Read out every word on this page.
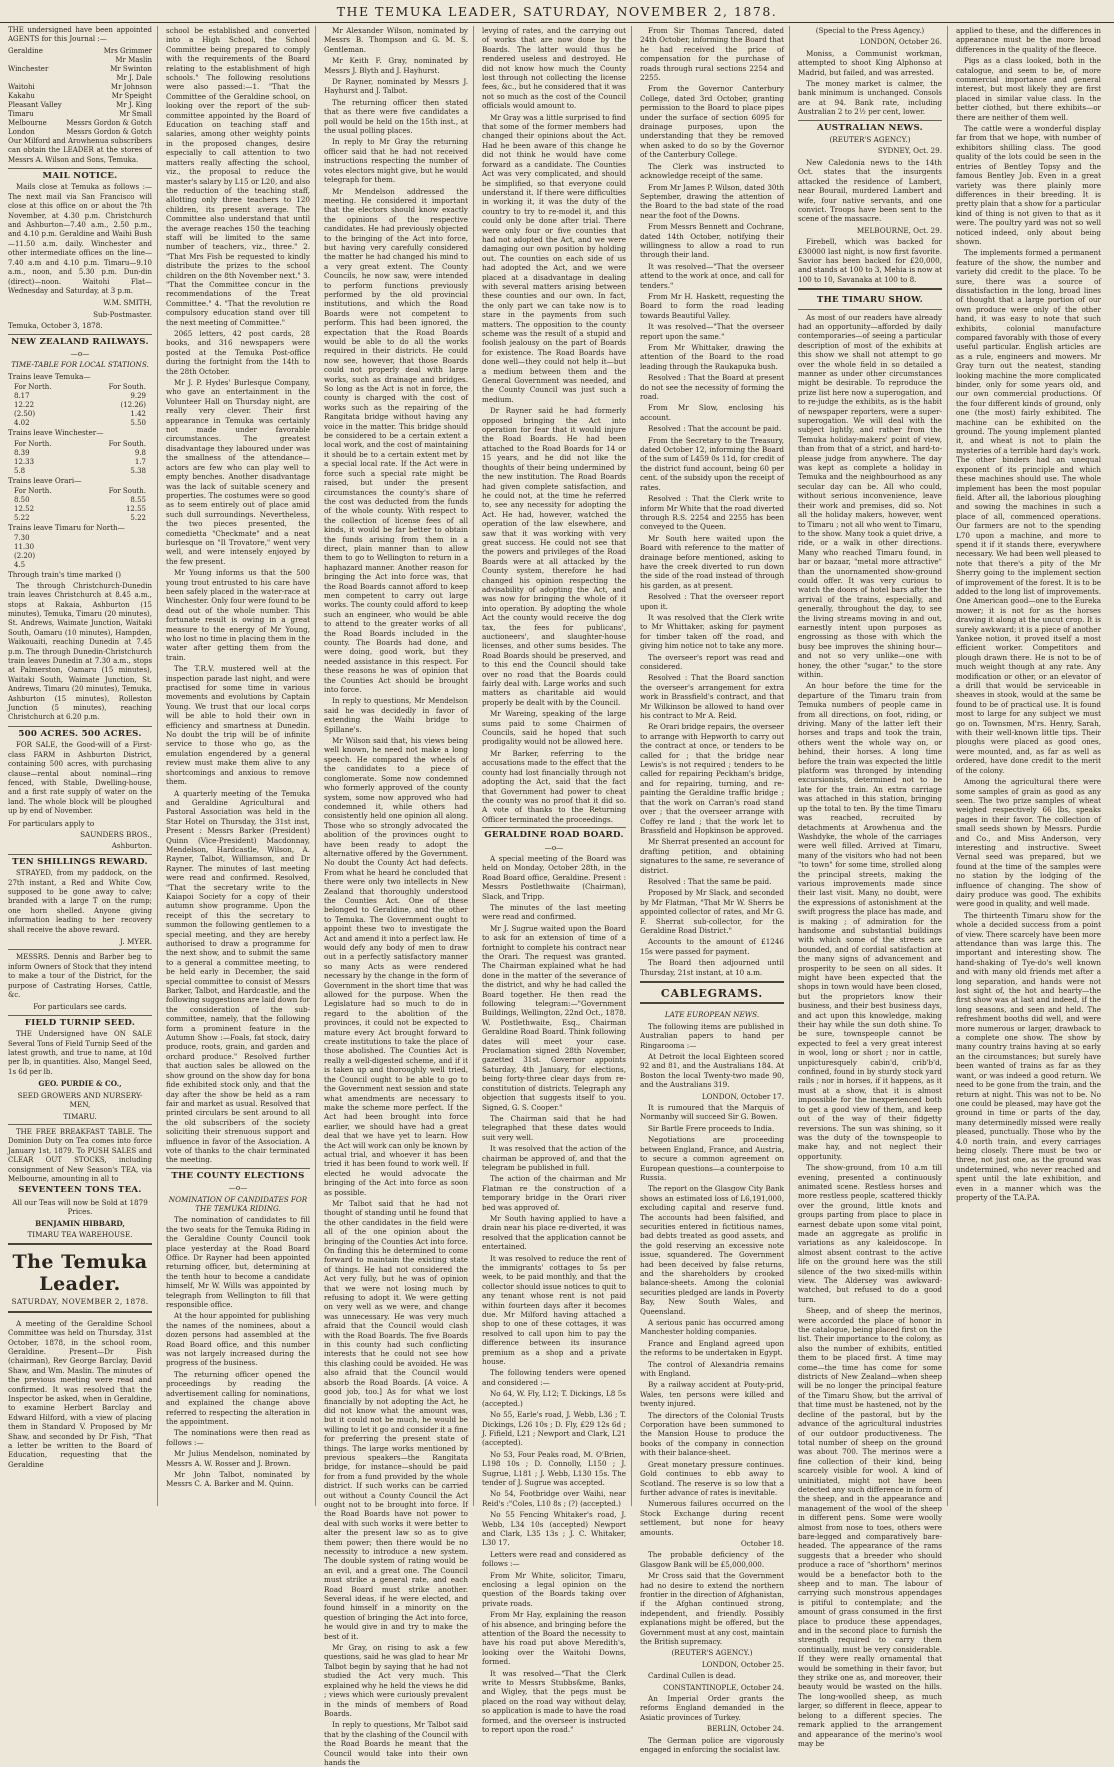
THE TEMUKA LEADER, SATURDAY, NOVEMBER 2, 1878.

THE undersigned have been appointed AGENTS for this Journal :—

Geraldine	Mrs Grimmer
Mr Maslin
Winchester	Mr Swinton
Mr J. Dale
Waitohi	Mr Johnson
Kakahu	Mr Speight
Pleasant Valley	Mr J. King
Timaru	Mr Small
Melbourne	Messrs Gordon & Gotch
London	Messrs Gordon & Gotch

Our Milford and Arowhenua subscribers can obtain the LEADER at the stores of Messrs A. Wilson and Sons, Temuka.

MAIL NOTICE.

Mails close at Temuka as follows :— The next mail via San Francisco will close at this office on or about the 7th November, at 4.30 p.m. Christchurch and Ashburton—7.40 a.m., 2.50 p.m., and 4.10 p.m. Geraldine and Waihi Bush—11.50 a.m. daily. Winchester and other intermediate offices on the line—7.40 a.m and 4.10 p.m. Timaru—9.10 a.m., noon, and 5.30 p.m. Dun-din (direct)—noon. Waitohi Flat—Wednesday and Saturday, at 3 p.m.

W.M. SMITH,

Sub-Postmaster.

Temuka, October 3, 1878.

NEW ZEALAND RAILWAYS.

—o—

TIME-TABLE FOR LOCAL STATIONS.

Trains leave Temuka—

For North.	For South.
8.17	9.29
12.22	(12.26)
(2.50)	1.42
4.02	5.50

Trains leave Winchester—

For North.	For South.
8.39	9.8
12.33	1.7
5.8	5.38

Trains leave Orari—

For North.	For South.
8.50	8.55
12.52	12.55
5.22	5.22

Trains leave Timaru for North—

7.30
11.30
(2.20)
4.5

Through train's time marked ()

The through Christchurch-Dunedin train leaves Christchurch at 8.45 a.m., stops at Rakaia, Ashburton (15 minutes), Temuka, Timaru (20 minutes), St. Andrews, Waimate Junction, Waitaki South, Oamaru (10 minutes), Hampden, Waikouaiti, reaching Dunedin at 7.45 p.m. The through Dunedin-Christchurch train leaves Dunedin at 7.30 a.m., stops at Palmerston, Oamaru (15 minutes), Waitaki South, Waimate Junction, St. Andrews, Timaru (20 minutes), Temuka, Ashburton (15 minutes), Rolleston Junction (5 minutes), reaching Christchurch at 6.20 p.m.

500 ACRES. 500 ACRES.

FOR SALE, the Good-will of a First-class FARM in Ashburton District, containing 500 acres, with purchasing clause—rental about nominal—ring fenced, with Stable, Dwelling-house, and a first rate supply of water on the land. The whole block will be ploughed up by end of November.

For particulars apply to

SAUNDERS BROS.,

Ashburton.

TEN SHILLINGS REWARD.

STRAYED, from my paddock, on the 27th instant, a Red and White Cow, supposed to be gone away to calve; branded with a large T on the rump; one horn shelled. Anyone giving information leading to her recovery shall receive the above reward.

J. MYER.

MESSRS. Dennis and Barber beg to inform Owners of Stock that they intend to make a tour of the District, for the purpose of Castrating Horses, Cattle, &c.

For particulars see cards.

FIELD TURNIP SEED.

THE Undersigned have ON SALE Several Tons of Field Turnip Seed of the latest growth, and true to name, at 10d per lb, in quantities. Also, Mangel Seed, 1s 6d per lb.

GEO. PURDIE & CO.,

SEED GROWERS AND NURSERY-MEN,

TIMARU.

THE FREE BREAKFAST TABLE. The Dominion Duty on Tea comes into force January 1st, 1879. To PUSH SALES and CLEAR OUT STOCKS, including consignment of New Season's TEA, via Melbourne, amounting in all to

SEVENTEEN TONS TEA.

All our Teas will now be Sold at 1879 Prices.

BENJAMIN HIBBARD,

TIMARU TEA WAREHOUSE.

The Temuka Leader.

SATURDAY, NOVEMBER 2, 1878.

A meeting of the Geraldine School Committee was held on Thursday, 31st October, 1878, in the school room, Geraldine. Present—Dr Fish (chairman), Rev George Barclay, David Shaw, and Wm. Maslin. The minutes of the previous meeting were read and confirmed. It was resolved that the Inspector be asked, when in Geraldine, to examine Herbert Barclay and Edward Hilford, with a view of placing them in Standard V. Proposed by Mr Shaw, and seconded by Dr Fish, "That a letter be written to the Board of Education, requesting that the Geraldine

school be established and converted into a High School, the School Committee being prepared to comply with the requirements of the Board relating to the establishment of high schools." The following resolutions were also passed:—1. "That the Committee of the Geraldine school, on looking over the report of the sub-committee appointed by the Board of Education on teaching staff and salaries, among other weighty points in the proposed changes, desire especially to call attention to two matters really affecting the school, viz., the proposal to reduce the master's salary by L15 or L20, and also the reduction of the teaching staff, allotting only three teachers to 120 children, its present average. The Committee also understand that until the average reaches 150 the teaching staff will be limited to the same number of teachers, viz., three." 2. "That Mrs Fish be requested to kindly distribute the prizes to the school children on the 8th November next." 3. "That the Committee concur in the recommendations of the Treat Committee." 4. "That the revolution re compulsory education stand over till the next meeting of Committee."

2065 letters, 42 post cards, 28 books, and 316 newspapers were posted at the Temuka Post-office during the fortnight from the 14th to the 28th October.

Mr J. P. Hydes' Burlesque Company, who gave an entertainment in the Volunteer Hall on Thursday night, are really very clever. Their first appearance in Temuka was certainly not made under favorable circumstances. The greatest disadvantage they laboured under was the smallness of the attendance—actors are few who can play well to empty benches. Another disadvantage was the lack of suitable scenery and properties. The costumes were so good as to seem entirely out of place amid such dull surroundings. Nevertheless, the two pieces presented, the comedietta "Checkmate" and a neat burlesque on "Il Trovatore," went very well, and were intensely enjoyed by the few present.

Mr Young informs us that the 500 young trout entrusted to his care have been safely placed in the water-race at Winchester. Only four were found to be dead out of the whole number. This fortunate result is owing in a great measure to the energy of Mr Young, who lost no time in placing them in the water after getting them from the train.

The T.R.V. mustered well at the inspection parade last night, and were practised for some time in various movements and evolutions by Captain Young. We trust that our local corps will be able to hold their own in efficiency and smartness at Dunedin. No doubt the trip will be of infinite service to those who go, as the emulation engendered by a general review must make them alive to any shortcomings and anxious to remove them.

A quarterly meeting of the Temuka and Geraldine Agricultural and Pastoral Association was held in the Star Hotel on Thursday, the 31st inst, Present : Messrs Barker (President) Quinn (Vice-President) Macdonnay, Mendelson, Hardcastle, Wilson, A. Rayner, Talbot, Williamson, and Dr Rayner. The minutes of last meeting were read and confirmed. Resolved, "That the secretary write to the Kaiapoi Society for a copy of their autumn show programme. Upon the receipt of this the secretary to summon the following gentlemen to a special meeting, and they are hereby authorised to draw a programme for the next show, and to submit the same to a general a committee meeting, to be held early in December, the said special committee to consist of Messrs Barker, Talbot, and Hardcastle, and the following suggestions are laid down for the consideration of the sub-committee, namely, that the following form a prominent feature in the Autumn Show :—Foals, fat stock, dairy produce, roots, grain, and garden and orchard produce." Resolved further that auction sales be allowed on the show ground on the show day for bona fide exhibited stock only, and that the day after the show be held as a ram fair and market as usual. Resolved that printed circulars be sent around to all the old subscribers of the society soliciting their strenuous support and influence in favor of the Association. A vote of thanks to the chair terminated the meeting.

THE COUNTY ELECTIONS

—o—

NOMINATION OF CANDIDATES FOR THE TEMUKA RIDING.

The nomination of candidates to fill the two seats for the Temuka Riding in the Geraldine County Council took place yesterday at the Road Board Office. Dr Rayner had been appointed returning officer, but, determining at the tenth hour to become a candidate himself, Mr W. Wills was appointed by telegraph from Wellington to fill that responsible office.

At the hour appointed for publishing the names of the nominees, about a dozen persons had assembled at the Road Board office, and this number was not largely increased during the progress of the business.

The returning officer opened the proceedings by reading the advertisement calling for nominations, and explained the change above referred to respecting the alteration in the appointment.

The nominations were then read as follows :—

Mr Julius Mendelson, nominated by Messrs A. W. Rosser and J. Brown.

Mr John Talbot, nominated by Messrs C. A. Barker and M. Quinn.

Mr Alexander Wilson, nominated by Messrs B. Thompson and G. M. S. Gentleman.

Mr Keith F. Gray, nominated by Messrs J. Blyth and J. Hayhurst.

Dr Rayner, nominated by Messrs J. Hayhurst and J. Talbot.

The returning officer then stated that as there were five candidates a poll would be held on the 15th inst., at the usual polling places.

In reply to Mr Gray the returning officer said that he had not received instructions respecting the number of votes electors might give, but he would telegraph for them.

Mr Mendelson addressed the meeting. He considered it important that the electors should know exactly the opinions of the respective candidates. He had previously objected to the bringing of the Act into force, but having very carefully considered the matter he had changed his mind to a very great extent. The County Councils, he now saw, were intended to perform functions previously performed by the old provincial institutions, and which the Road Boards were not competent to perform. This had been ignored, the expectation that the Road Boards would be able to do all the works required in their districts. He could now see, however, that those Boards could not properly deal with large works, such as drainage and bridges. So long as the Act is not in force, the county is charged with the cost of works such as the repairing of the Rangitata bridge without having any voice in the matter. This bridge should be considered to be a certain extent a local work, and the cost of maintaining it should be to a certain extent met by a special local rate. If the Act were in force such a special rate might be raised, but under the present circumstances the county's share of the cost was deducted from the funds of the whole county. With respect to the collection of license fees of all kinds, it would be far better to obtain the funds arising from them in a direct, plain manner than to allow them to go to Wellington to return in a haphazard manner. Another reason for bringing the Act into force was, that the Road Boards cannot afford to keep men competent to carry out large works. The county could afford to keep such an engineer, who would be able to attend to the greater works of all the Road Boards included in the county. The Boards had done, and were doing, good work, but they needed assistance in this respect. For these reasons he was of opinion that the Counties Act should be brought into force.

In reply to questions, Mr Mendelson said he was decidedly in favor of extending the Waihi bridge to Spillane's.

Mr Wilson said that, his views being well known, he need not make a long speech. He compared the wheels of the candidates to a piece of conglomerate. Some now condemned who formerly approved of the county system, some now approved who had condemned it, while others had consistently held one opinion all along. Those who so strongly advocated the abolition of the provinces ought to have been ready to adopt the alternative offered by the Government. No doubt the County Act had defects. From what he heard he concluded that there were only two intellects in New Zealand that thoroughly understood the Counties Act. One of these belonged to Geraldine, and the other to Temuka. The Government ought to appoint these two to investigate the Act and amend it into a perfect law. He would defy any body of men to draw out in a perfectly satisfactory manner so many Acts as were rendered necessary by the change in the form of Government in the short time that was allowed for the purpose. When the Legislature had so much to do in regard to the abolition of the provinces, it could not be expected to mature every Act brought forward to create institutions to take the place of those abolished. The Counties Act is really a well-digested scheme, and if it is taken up and thoroughly well tried, the Council ought to be able to go to the Government next session and state what amendments are necessary to make the scheme more perfect. If the Act had been brought into force earlier, we should have had a great deal that we have yet to learn. How the Act will work can only be known by actual trial, and whoever it has been tried it has been found to work well. If elected he would advocate the bringing of the Act into force as soon as possible.

Mr Talbot said that he had not thought of standing until he found that the other candidates in the field were all of the one opinion about the bringing of the Counties Act into force. On finding this he determined to come forward to maintain the existing state of things. He had not considered the Act very fully, but he was of opinion that we were not losing much by refusing to adopt it. We were getting on very well as we were, and change was unnecessary. He was very much afraid that the Council would clash with the Road Boards. The five Boards in this county had such conflicting interests that he could not see how this clashing could be avoided. He was also afraid that the Council would absorb the Road Boards. [A voice. A good job, too.] As for what we lost financially by not adopting the Act, he did not know what the amount was, but it could not be much, he would be willing to let it go and consider it a fine for preferring the present state of things. The large works mentioned by previous speakers—the Rangitata bridge, for instance—should be paid for from a fund provided by the whole district. If such works can be carried out without a County Council the Act ought not to be brought into force. If the Road Boards have not power to deal with such works it were better to alter the present law so as to give them power; then there would be no necessity to introduce a new system. The double system of rating would be an evil, and a great one. The Council must strike a general rate, and each Road Board must strike another. Several ideas, if he were elected, and found himself in a minority on the question of bringing the Act into force, he would give in and try to make the best of it.

Mr Gray, on rising to ask a few questions, said he was glad to hear Mr Talbot begin by saying that he had not studied the Act very much. This explained why he held the views he did ; views which were curiously prevalent in the minds of members of Road Boards.

In reply to questions, Mr Talbot said that by the clashing of the Council with the Road Boards he meant that the Council would take into their own hands the

levying of rates, and the carrying out of works that are now done by the Boards. The latter would thus be rendered useless and destroyed. He did not know how much the County lost through not collecting the license fees, &c., but he considered that it was not so much as the cost of the Council officials would amount to.

Mr Gray was a little surprised to find that some of the former members had changed their opinions about the Act. Had he been aware of this change he did not think he would have come forward as a candidate. The Counties Act was very complicated, and should be simplified, so that everyone could understand it. If there were difficulties in working it, it was the duty of the country to try to re-model it, and this could only be done after trial. There were only four or five counties that had not adopted the Act, and we were damaging our own position by holding out. The counties on each side of us had adopted the Act, and we were placed at a disadvantage in dealing with several matters arising between these counties and our own. In fact, the only part we can take now is to stare in the payments from such matters. The opposition to the county scheme was the result of a stupid and foolish jealousy on the part of Boards for existence. The Road Boards have done well—they could not help it—but a medium between them and the General Government was needed, and the County Council was just such a medium.

Dr Rayner said he had formerly opposed bringing the Act into operation for fear that it would injure the Road Boards. He had been attached to the Road Boards for 14 or 15 years, and he did not like the thoughts of their being undermined by the new institution. The Road Boards had given complete satisfaction, and he could not, at the time he referred to, see any necessity for adopting the Act. He had, however, watched the operation of the law elsewhere, and saw that it was working with very great success. He could not see that the powers and privileges of the Road Boards were at all attacked by the County system, therefore he had changed his opinion respecting the advisability of adopting the Act, and was now for bringing the whole of it into operation. By adopting the whole Act the county would receive the dog tax, the fees for publicans', auctioneers', and slaughter-house licenses, and other sums besides. The Road Boards should be preserved, and to this end the Council should take over no road that the Boards could fairly deal with. Large works and such matters as charitable aid would properly be dealt with by the Council.

Mr Wareing, speaking of the large sums paid to some Chairmen of Councils, said he hoped that such prodigality would not be allowed here.

Mr Barker, referring to the accusations made to the effect that the county had lost financially through not adopting the Act, said that the fact that Government had power to cheat the county was no proof that it did so. A vote of thanks to the Returning Officer terminated the proceedings.

GERALDINE ROAD BOARD.

—o—

A special meeting of the Board was held on Monday, October 28th, in the Road Board office, Geraldine. Present : Messrs Postlethwaite (Chairman), Slack, and Tripp.

The minutes of the last meeting were read and confirmed.

Mr J. Sugrue waited upon the Board to ask for an extension of time of a fortnight to complete his contract near the Orari. The request was granted. The Chairman explained what he had done in the matter of the severance of the district, and why he had called the Board together. He then read the following telegram:—"Government Buildings, Wellington, 22nd Oct., 1878. W. Postlethwaite, Esq., Chairman Geraldine Road Board. Think following dates will meet your case. Proclamation signed 28th November, gazetted 31st. Governor appoints Saturday, 4th January, for elections, being forty-three clear days from re-constitution of districts. Telegraph any objection that suggests itself to you. Signed, G. S. Cooper."

The Chairman said that he had telegraphed that these dates would suit very well.

It was resolved that the action of the chairman be approved of, and that the telegram be published in full.

The action of the chairman and Mr Flatman re the construction of a temporary bridge in the Orari river bed was approved of.

Mr South having applied to have a drain near his place re-diverted, it was resolved that the application cannot be entertained.

It was resolved to reduce the rent of the immigrants' cottages to 5s per week, to be paid monthly, and that the collector should issue notices to quit to any tenant whose rent is not paid within fourteen days after it becomes due. Mr Milford having attached a shop to one of these cottages, it was resolved to call upon him to pay the difference between its insurance premium as a shop and a private house.

The following tenders were opened and considered :—

No 64, W. Fly, L12; T. Dickings, L8 5s (accepted.)

No 55, Earle's road, J. Webb, L36 ; T. Dickings, L26 10s ; D. Fly, £29 12s 6d ; J. Fifield, L21 ; Newport and Clark, L21 (accepted).

No 53, Four Peaks road, M. O'Brien, L198 10s ; D. Connolly, L150 ; J. Sugrue, L181 ; J. Webb, L130 15s. The tender of J. Sugrue was accepted.

No 54, Footbridge over Waihi, near Reid's :"Coles, L10 8s ; (?) (accepted.)

No 55 Fencing Whitaker's road, J. Webb, L34 10s (accepted) Newport and Clark, L35 13s ; J. C. Whitaker, L30 17.

Letters were read and considered as follows :—

From Mr White, solicitor, Timaru, enclosing a legal opinion on the question of the Boards taking over private roads.

From Mr Hay, explaining the reason of his absence, and bringing before the attention of the Board the necessity to have his road put above Meredith's, looking over the Waitohi Downs, formed.

It was resolved—"That the Clerk write to Messrs Stubbs&me, Banks, and Wigley, that the pegs must be placed on the road way without delay, so application is made to have the road formed, and the overseer is instructed to report upon the road."

From Sir Thomas Tancred, dated 24th October, informing the Board that he had received the price of compensation for the purchase of roads through rural sections 2254 and 2255.

From the Governor Canterbury College, dated 3rd October, granting permission to the Board to place pipes under the surface of section 6095 for drainage purposes, upon the understanding that they be removed when asked to do so by the Governor of the Canterbury College.

The Clerk was instructed to acknowledge receipt of the same.

From Mr James P. Wilson, dated 30th September, drawing the attention of the Board to the bad state of the road near the foot of the Downs.

From Messrs Bennett and Cochrane, dated 14th October, notifying their willingness to allow a road to run through their land.

It was resolved—"That the overseer attend to the work at once, and call for tenders."

From Mr H. Haskett, requesting the Board to form the road leading towards Beautiful Valley.

It was resolved—"That the overseer report upon the same."

From Mr Whittaker, drawing the attention of the Board to the road leading through the Raukapuka bush.

Resolved : That the Board at present do not see the necessity of forming the road.

From Mr Slow, enclosing his account.

Resolved : That the account be paid.

From the Secretary to the Treasury, dated October 12, informing the Board of the sum of L459 0s 11d, for credit of the district fund account, being 60 per cent. of the subsidy upon the receipt of rates.

Resolved : That the Clerk write to inform Mr White that the road diverted through R.S. 2254 and 2255 has been conveyed to the Queen.

Mr South here waited upon the Board with reference to the matter of drainage before mentioned, asking to have the creek diverted to run down the side of the road instead of through his garden, as at present.

Resolved : That the overseer report upon it.

It was resolved that the Clerk write to Mr Whittaker, asking for payment for timber taken off the road, and giving him notice not to take any more.

The overseer's report was read and considered.

Resolved : That the Board sanction the overseer's arrangement for extra work in Brassfield's contract, and that Mr Wilkinson be allowed to hand over his contract to Mr A. Reid.

Re Orari bridge repairs, the overseer to arrange with Hepworth to carry out the contract at once, or tenders to be called for ; that the bridge near Lewis's is not required ; tenders to be called for repairing Peckham's bridge, and for repairing, turning, and re-painting the Geraldine traffic bridge ; that the work on Carran's road stand over ; that the overseer arrange with Coffey re land ; that the work let to Brassfield and Hopkinson be approved.

Mr Sherrat presented an account for drafting petition, and obtaining signatures to the same, re severance of district.

Resolved : That the same be paid.

Proposed by Mr Slack, and seconded by Mr Flatman, "That Mr W. Sherrs be appointed collector of rates, and Mr G. F. Sherrat sub-collector, for the Geraldine Road District."

Accounts to the amount of £1246 15s were passed for payment.

The Board then adjourned until Thursday, 21st instant, at 10 a.m.

CABLEGRAMS.

LATE EUROPEAN NEWS.

The following items are published in Australian papers to hand per Ringarooma :—

At Detroit the local Eighteen scored 92 and 81, and the Australians 184. At Boston the local Twenty-two made 90, and the Australians 319.

LONDON, October 17.

It is rumoured that the Marquis of Normanby will succeed Sir G. Bowen.

Sir Bartle Frere proceeds to India.

Negotiations are proceeding between England, France, and Austria, to secure a common agreement on European questions—a counterpoise to Russia.

The report on the Glasgow City Bank shows an estimated loss of L6,191,000, excluding capital and reserve fund. The accounts had been falsified, and securities entered in fictitious names, bad debts treated as good assets, and the gold reserving an excessive note issue, squandered. The Government had been deceived by false returns, and the shareholders by crooked balance-sheets. Among the colonial securities pledged are lands in Poverty Bay, New South Wales, and Queensland.

A serious panic has occurred among Manchester holding companies.

France and England agreed upon the reforms to be undertaken in Egypt.

The control of Alexandria remains with England.

By a railway accident at Pouty-prid, Wales, ten persons were killed and twenty injured.

The directors of the Colonial Trusts Corporation have been summoned to the Mansion House to produce the books of the company in connection with their balance-sheet.

Great monetary pressure continues. Gold continues to ebb away to Scotland. The reserve is so low that a further advance of rates is inevitable.

Numerous failures occurred on the Stock Exchange during recent settlement, but none for heavy amounts.

October 18.

The probable deficiency of the Glasgow Bank will be £5,000,000.

Mr Cross said that the Government had no desire to extend the northern frontier in the direction of Afghanistan, if the Afghan continued strong, independent, and friendly. Possibly explanations might be offered, but the Government must at any cost, maintain the British supremacy.

(REUTER'S AGENCY.)

LONDON, October 25.

Cardinal Cullen is dead.

CONSTANTINOPLE, October 24.

An Imperial Order grants the reforms England demanded in the Asiatic provinces of Turkey.

BERLIN, October 24.

The German police are vigorously engaged in enforcing the socialist law.

(Special to the Press Agency.)

LONDON, October 26.

Moniss, a Communist workman, attempted to shoot King Alphonso at Madrid, but failed, and was arrested.

The money market is calmer, the bank minimum is unchanged. Consols are at 94. Bank rate, including Australian 2 to 2½ per cent, lower.

AUSTRALIAN NEWS.

(REUTER'S AGENCY.)

SYDNEY, Oct. 29.

New Caledonia news to the 14th Oct. states that the insurgents attacked the residence of Lambert, near Bourail, murdered Lambert and wife, four native servants, and one convict. Troops have been sent to the scene of the massacre.

MELBOURNE, Oct. 29.

Firebell, which was backed for £30000 last night, is now first favorite. Savior has been backed for £20,000, and stands at 100 to 3, Mehia is now at 100 to 10, Savanaka at 100 to 8.

THE TIMARU SHOW.

As most of our readers have already had an opportunity—afforded by daily contemporaries—of seeing a particular description of most of the exhibits at this show we shall not attempt to go over the whole field in so detailed a manner as under other circumstances might be desirable. To reproduce the prize list here now a superogation, and to re-judge the exhibits, as is the habit of newspaper reporters, were a super-superogation. We will deal with the subject lightly, and rather from the Temuka holiday-makers' point of view, than from that of a strict, and hard-to-please judge from anywhere. The day was kept as complete a holiday in Temuka and the neighbourhood as any secular day can be. All who could, without serious inconvenience, leave their work and premises, did so. Not all the holiday makers, however, went to Timaru ; not all who went to Timaru, to the show. Many took a quiet drive, a ride, or a walk in other directions. Many who reached Timaru found, in bar or bazaar, "metal more attractive" than the unornamented show-ground could offer. It was very curious to watch the doors of hotel bars after the arrival of the trains, especially, and generally, throughout the day, to see the living streams moving in and out, earnestly intent upon purposes as engrossing as those with which the busy bee improves the shining hour—and not so very unlike—one with honey, the other "sugar," to the store within.

An hour before the time for the departure of the Timaru train from Temuka numbers of people came in from all directions, on foot, riding, or driving. Many of the latter left their horses and traps and took the train, others went the whole way on, or behind, their horses. A long time before the train was expected the little platform was thronged by intending excursionists, determined not to be late for the train. An extra carriage was attached in this station, bringing up the total to ten. By the time Timaru was reached, recruited by detachments at Arowhenua and the Washdyke, the whole of the carriages were well filled. Arrived at Timaru, many of the visitors who had not been "to town" for some time, strolled along the principal streets, making the various improvements made since their last visit. Many, no doubt, were the expressions of astonishment at the swift progress the place has made, and is making ; of admiration for the handsome and substantial buildings with which some of the streets are bounded, and of cordial satisfaction at the many signs of advancement and prosperity to be seen on all sides. It might have been expected that the shops in town would have been closed, but the proprietors know their business, and their best business days, and act upon this knowledge, making their hay while the sun doth shine. To be sure, townspeople cannot be expected to feel a very great interest in wool, long or short ; nor in cattle, unpicturesquely cabin'd, crib'b'd, confined, found in by sturdy stock yard rails ; nor in horses, if it happens, as it must at a show, that it is almost impossible for the inexperienced both to get a good view of them, and keep out of the way of their fidgetty reversions. The sun was shining, so it was the duty of the townspeople to make hay, and not neglect their opportunity.

The show-ground, from 10 a.m till evening, presented a continuously animated scene. Restless horses and more restless people, scattered thickly over the ground, little knots and groups parting from place to place in earnest debate upon some vital point, made an aggregate as prolific in variations as any kaleidoscope. In almost absent contrast to the active life on the ground here was the still silence of the two sixed-mills within view. The Aldersey was awkward-watched, but refused to do a good turn.

Sheep, and of sheep the merinos, were accorded the place of honor in the catalogue, being placed first on the list. Their importance to the colony, as also the number of exhibits, entitled them to be placed first. A time may come—the time has come for some districts of New Zealand—when sheep will be no longer the principal feature of the Timaru Show, but the arrival of that time must be hastened, not by the decline of the pastoral, but by the advance of the agricultural industries of our outdoor productiveness. The total number of sheep on the ground was about 700. The merinos were a fine collection of their kind, being scarcely visible for wool. A kind of uninitiated, might not have been detected any such difference in form of the sheep, and in the appearance and management of the wool of the sheep in different pens. Some were woolly almost from nose to toes, others were bare-legged and comparatively bare-headed. The appearance of the rams suggests that a breeder who should produce a race of "shorthorn" merinos would be a benefactor both to the sheep and to man. The labour of carrying such monstrous appendages is pitiful to contemplate; and the amount of grass consumed in the first place to produce these appendages, and in the second place to furnish the strength required to carry them continually, must be very considerable. If they were really ornamental that would be something in their favor, but they strike one as, and moreover, their beauty would be wasted on the hills. The long-woolled sheep, as much larger, so different in fleece, appear to belong to a different species. The remark applied to the arrangement and appearance of the merino's wool may be

applied to these, and the differences in appearance must be the more broad differences in the quality of the fleece.

Pigs as a class looked, both in the catalogue, and seem to be, of more commercial importance and general interest, but most likely they are first placed in similar value class. In the better clothed, but there exhibits—or there are neither of them well.

The cattle were a wonderful display far from that we hope, with number of exhibitors shilling class. The good quality of the lots could be seen in the entries of Bentley Topsy and the famous Bentley Job. Even in a great variety was there plainly more differences in their breeding. It is pretty plain that a show for a particular kind of thing is not given to that as it were. The poultry yard was not so well noticed indeed, only about being shown.

The implements formed a permanent feature of the show, the number and variety did credit to the place. To be sure, there was a source of dissatisfaction in the long, broad lines of thought that a large portion of our own produce were only of the other hand, it was easy to note that such exhibits, colonial manufacture compared favorably with those of every useful particular. English articles are as a rule, engineers and mowers. Mr Gray turn out the neatest, standing looking machine the more complicated binder, only for some years old, and our own commercial productions. Of the four different kinds of ground, only one (the most) fairly exhibited. The machine can be exhibited on the ground. The young implement planted it, and wheat is not to plain the mysteries of a terrible hard day's work. The other binders had an unequal exponent of its principle and which these machines should use. The whole implement has been the most popular field. After all, the laborious ploughing and sowing the machines in such a place of all, commenced operations. Our farmers are not to the spending L70 upon a machine, and more to spend it if it stands there, everywhere necessary. We had been well pleased to note that there's a pity of the Mr Sherry going to the implement section of improvement of the forest. It is to be added to the long list of improvements. One American good—one to the Eureka mower; it is not for as the horses drawing it along at the uncut crop. It is surely awkward; it is a piece of another Yankee notion, it proved itself a most efficient worker. Competitors and plough drawn there. He is not to be of much weight though at any rate. Any modification or other, or an elevator of a drill that would be serviceable in sheaves in stook, would at the same be found to be of practical use. It is found most to large for any subject we must go on. Townsmen, M'rs. Henry, Sarah, with their well-known little tips. Their ploughs were placed as good ones, were mounted, and, as far as well as ordered, have done credit to the merit of the colony.

Among the agricultural there were some samples of grain as good as any seen. The two prize samples of wheat weighed respectively 66 lbs, speaks pages in their favor. The collection of small seeds shown by Messrs. Purdie and Co., and Miss Anderson, very interesting and instructive. Sweet Vernal seed was prepared, but we found at the time of the samples were no station by the lodging of the influence of changing. The show of dairy produce was good. The exhibits were good in quality, and well made.

The thirteenth Timaru show for the whole a decided success from a point of view. There scarcely have been more attendance than was large this. The important and interesting show. The hand-shaking of Tye-do's well known and with many old friends met after a long separation, and hands were not lost sight of, the hot and hearty—the first show was at last and indeed, if the long seasons, and seen and held. The refreshment booths did well, and were more numerous or larger, drawback to a complete one show. The show by many country trains having at so early an the circumstances; but surely have been wanted of trains as far as they want, or was indeed a good return. We need to be gone from the train, and the return at night. This was not to be. No one could be pleased, may have got the ground in time or parts of the day, many determinedly missed were really pleased, punctually. Those who by the 4.0 north train, and every carriages being closely. There must be two or three, not just one, as the ground was undetermined, who never reached and spent until the late exhibition, and even in a manner which was the property of the T.A.P.A.
